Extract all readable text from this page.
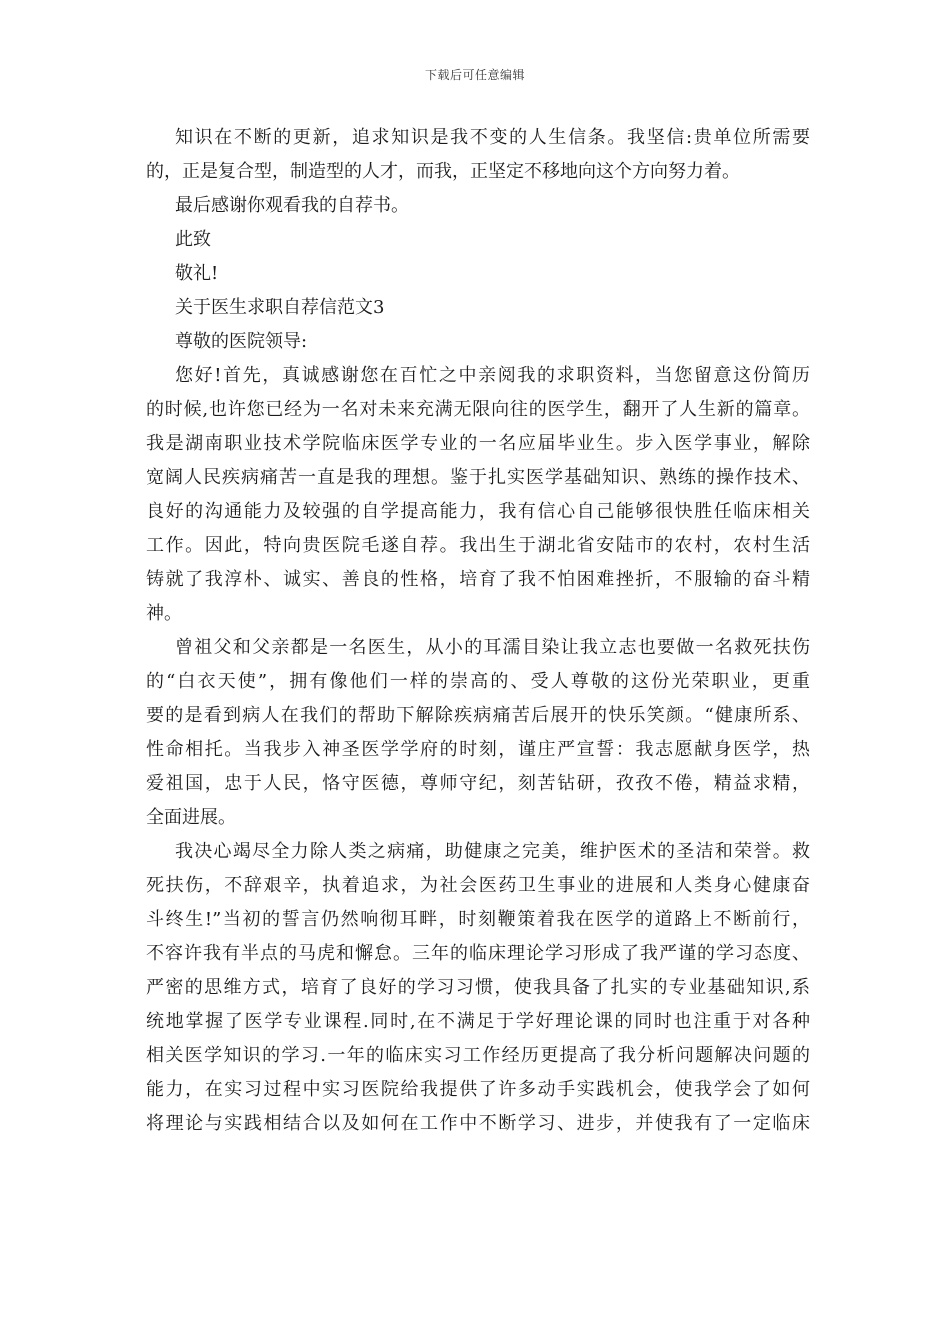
下载后可任意编辑
知识在不断的更新，追求知识是我不变的人生信条。我坚信:贵单位所需要
的，正是复合型，制造型的人才，而我，正坚定不移地向这个方向努力着。
最后感谢你观看我的自荐书。
此致
敬礼!
关于医生求职自荐信范文3
尊敬的医院领导:
您好!首先，真诚感谢您在百忙之中亲阅我的求职资料，当您留意这份简历
的时候,也许您已经为一名对未来充满无限向往的医学生，翻开了人生新的篇章。
我是湖南职业技术学院临床医学专业的一名应届毕业生。步入医学事业，解除
宽阔人民疾病痛苦一直是我的理想。鉴于扎实医学基础知识、熟练的操作技术、
良好的沟通能力及较强的自学提高能力，我有信心自己能够很快胜任临床相关
工作。因此，特向贵医院毛遂自荐。我出生于湖北省安陆市的农村，农村生活
铸就了我淳朴、诚实、善良的性格，培育了我不怕困难挫折，不服输的奋斗精
神。
曾祖父和父亲都是一名医生，从小的耳濡目染让我立志也要做一名救死扶伤
的“白衣天使”，拥有像他们一样的崇高的、受人尊敬的这份光荣职业，更重
要的是看到病人在我们的帮助下解除疾病痛苦后展开的快乐笑颜。“健康所系、
性命相托。当我步入神圣医学学府的时刻，谨庄严宣誓：我志愿献身医学，热
爱祖国，忠于人民，恪守医德，尊师守纪，刻苦钻研，孜孜不倦，精益求精，
全面进展。
我决心竭尽全力除人类之病痛，助健康之完美，维护医术的圣洁和荣誉。救
死扶伤，不辞艰辛，执着追求，为社会医药卫生事业的进展和人类身心健康奋
斗终生!”当初的誓言仍然响彻耳畔，时刻鞭策着我在医学的道路上不断前行，
不容许我有半点的马虎和懈怠。三年的临床理论学习形成了我严谨的学习态度、
严密的思维方式，培育了良好的学习习惯，使我具备了扎实的专业基础知识,系
统地掌握了医学专业课程.同时,在不满足于学好理论课的同时也注重于对各种
相关医学知识的学习.一年的临床实习工作经历更提高了我分析问题解决问题的
能力，在实习过程中实习医院给我提供了许多动手实践机会，使我学会了如何
将理论与实践相结合以及如何在工作中不断学习、进步，并使我有了一定临床
